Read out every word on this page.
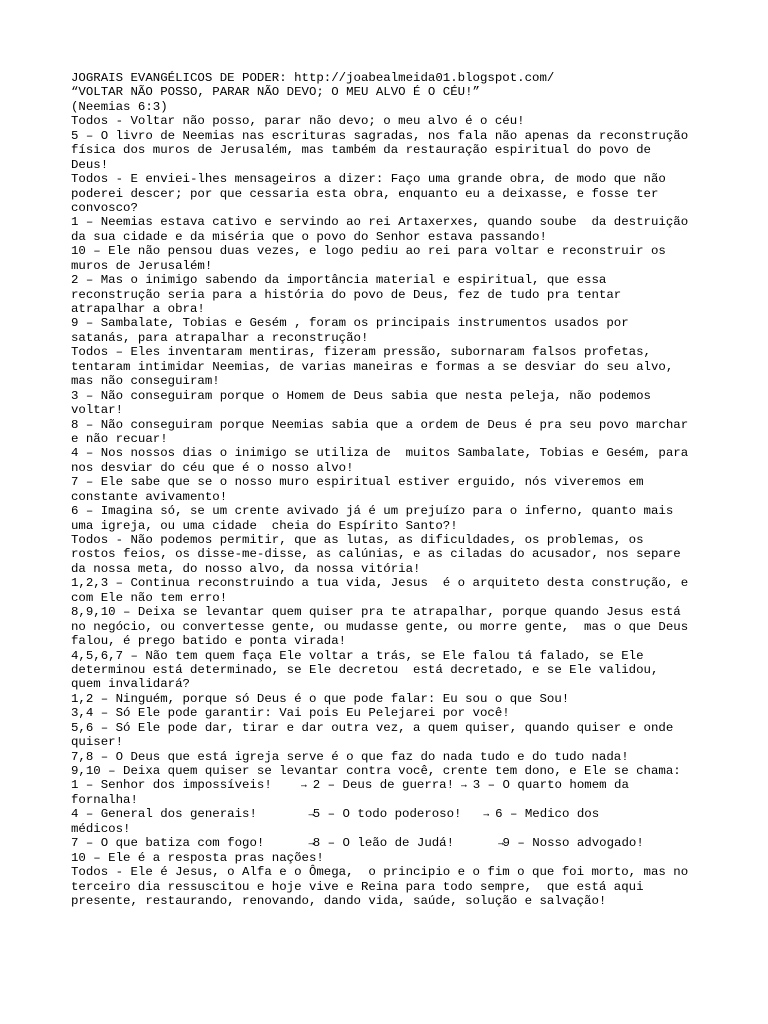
JOGRAIS EVANGÉLICOS DE PODER: http://joabealmeida01.blogspot.com/
“VOLTAR NÃO POSSO, PARAR NÃO DEVO; O MEU ALVO É O CÉU!”
(Neemias 6:3)
Todos - Voltar não posso, parar não devo; o meu alvo é o céu!
5 – O livro de Neemias nas escrituras sagradas, nos fala não apenas da reconstrução
física dos muros de Jerusalém, mas também da restauração espiritual do povo de
Deus!
Todos - E enviei-lhes mensageiros a dizer: Faço uma grande obra, de modo que não
poderei descer; por que cessaria esta obra, enquanto eu a deixasse, e fosse ter
convosco?
1 – Neemias estava cativo e servindo ao rei Artaxerxes, quando soube  da destruição
da sua cidade e da miséria que o povo do Senhor estava passando!
10 – Ele não pensou duas vezes, e logo pediu ao rei para voltar e reconstruir os
muros de Jerusalém!
2 – Mas o inimigo sabendo da importância material e espiritual, que essa
reconstrução seria para a história do povo de Deus, fez de tudo pra tentar
atrapalhar a obra!
9 – Sambalate, Tobias e Gesém , foram os principais instrumentos usados por
satanás, para atrapalhar a reconstrução!
Todos – Eles inventaram mentiras, fizeram pressão, subornaram falsos profetas,
tentaram intimidar Neemias, de varias maneiras e formas a se desviar do seu alvo,
mas não conseguiram!
3 – Não conseguiram porque o Homem de Deus sabia que nesta peleja, não podemos
voltar!
8 – Não conseguiram porque Neemias sabia que a ordem de Deus é pra seu povo marchar
e não recuar!
4 – Nos nossos dias o inimigo se utiliza de  muitos Sambalate, Tobias e Gesém, para
nos desviar do céu que é o nosso alvo!
7 – Ele sabe que se o nosso muro espiritual estiver erguido, nós viveremos em
constante avivamento!
6 – Imagina só, se um crente avivado já é um prejuízo para o inferno, quanto mais
uma igreja, ou uma cidade  cheia do Espírito Santo?!
Todos - Não podemos permitir, que as lutas, as dificuldades, os problemas, os
rostos feios, os disse-me-disse, as calúnias, e as ciladas do acusador, nos separe
da nossa meta, do nosso alvo, da nossa vitória!
1,2,3 – Continua reconstruindo a tua vida, Jesus  é o arquiteto desta construção, e
com Ele não tem erro!
8,9,10 – Deixa se levantar quem quiser pra te atrapalhar, porque quando Jesus está
no negócio, ou convertesse gente, ou mudasse gente, ou morre gente,  mas o que Deus
falou, é prego batido e ponta virada!
4,5,6,7 – Não tem quem faça Ele voltar a trás, se Ele falou tá falado, se Ele
determinou está determinado, se Ele decretou  está decretado, e se Ele validou,
quem invalidará?
1,2 – Ninguém, porque só Deus é o que pode falar: Eu sou o que Sou!
3,4 – Só Ele pode garantir: Vai pois Eu Pelejarei por você!
5,6 – Só Ele pode dar, tirar e dar outra vez, a quem quiser, quando quiser e onde
quiser!
7,8 – O Deus que está igreja serve é o que faz do nada tudo e do tudo nada!
9,10 – Deixa quem quiser se levantar contra você, crente tem dono, e Ele se chama:
1 – Senhor dos impossíveis!    ⟶ 2 – Deus de guerra! ⟶ 3 – O quarto homem da
fornalha!
4 – General dos generais!       ⟶5 – O todo poderoso!   ⟶ 6 – Medico dos
médicos!
7 – O que batiza com fogo!      ⟶8 – O leão de Judá!      ⟶9 – Nosso advogado!
10 – Ele é a resposta pras nações!
Todos - Ele é Jesus, o Alfa e o Ômega,  o principio e o fim o que foi morto, mas no
terceiro dia ressuscitou e hoje vive e Reina para todo sempre,  que está aqui
presente, restaurando, renovando, dando vida, saúde, solução e salvação!
